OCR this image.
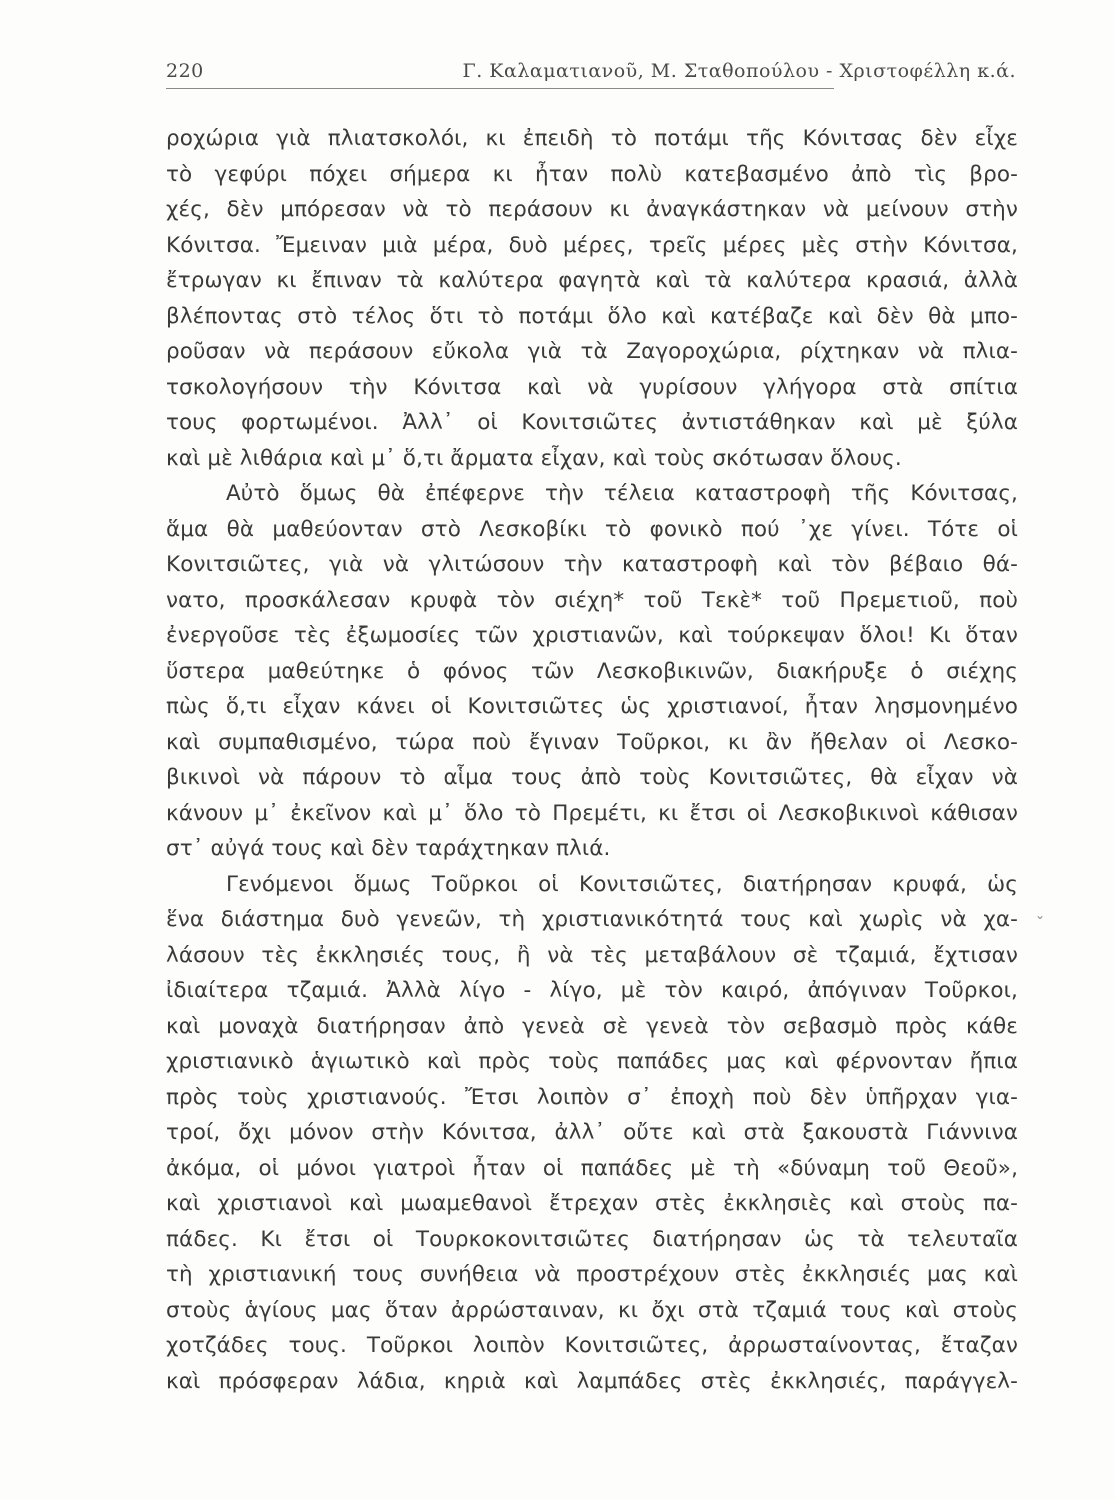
220	Γ. Καλαματιανοῦ, Μ. Σταθοπούλου - Χριστοφέλλη κ.ά.
ροχώρια γιὰ πλιατσκολόι, κι ἐπειδὴ τὸ ποτάμι τῆς Κόνιτσας δὲν εἶχε
τὸ γεφύρι πόχει σήμερα κι ἦταν πολὺ κατεβασμένο ἀπὸ τὶς βρο-
χές, δὲν μπόρεσαν νὰ τὸ περάσουν κι ἀναγκάστηκαν νὰ μείνουν στὴν
Κόνιτσα. Ἔμειναν μιὰ μέρα, δυὸ μέρες, τρεῖς μέρες μὲς στὴν Κόνιτσα,
ἔτρωγαν κι ἔπιναν τὰ καλύτερα φαγητὰ καὶ τὰ καλύτερα κρασιά, ἀλλὰ
βλέποντας στὸ τέλος ὅτι τὸ ποτάμι ὅλο καὶ κατέβαζε καὶ δὲν θὰ μπο-
ροῦσαν νὰ περάσουν εὔκολα γιὰ τὰ Ζαγοροχώρια, ρίχτηκαν νὰ πλια-
τσκολογήσουν τὴν Κόνιτσα καὶ νὰ γυρίσουν γλήγορα στὰ σπίτια
τους φορτωμένοι. Ἀλλ᾽ οἱ Κονιτσιῶτες ἀντιστάθηκαν καὶ μὲ ξύλα
καὶ μὲ λιθάρια καὶ μ᾽ ὅ,τι ἄρματα εἶχαν, καὶ τοὺς σκότωσαν ὅλους.
Αὐτὸ ὅμως θὰ ἐπέφερνε τὴν τέλεια καταστροφὴ τῆς Κόνιτσας,
ἅμα θὰ μαθεύονταν στὸ Λεσκοβίκι τὸ φονικὸ πού ᾽χε γίνει. Τότε οἱ
Κονιτσιῶτες, γιὰ νὰ γλιτώσουν τὴν καταστροφὴ καὶ τὸν βέβαιο θά-
νατο, προσκάλεσαν κρυφὰ τὸν σιέχη* τοῦ Τεκὲ* τοῦ Πρεμετιοῦ, ποὺ
ἐνεργοῦσε τὲς ἐξωμοσίες τῶν χριστιανῶν, καὶ τούρκεψαν ὅλοι! Κι ὅταν
ὕστερα μαθεύτηκε ὁ φόνος τῶν Λεσκοβικινῶν, διακήρυξε ὁ σιέχης
πὼς ὅ,τι εἶχαν κάνει οἱ Κονιτσιῶτες ὡς χριστιανοί, ἦταν λησμονημένο
καὶ συμπαθισμένο, τώρα ποὺ ἔγιναν Τοῦρκοι, κι ἂν ἤθελαν οἱ Λεσκο-
βικινοὶ νὰ πάρουν τὸ αἷμα τους ἀπὸ τοὺς Κονιτσιῶτες, θὰ εἶχαν νὰ
κάνουν μ᾽ ἐκεῖνον καὶ μ᾽ ὅλο τὸ Πρεμέτι, κι ἔτσι οἱ Λεσκοβικινοὶ κάθισαν
στ᾽ αὐγά τους καὶ δὲν ταράχτηκαν πλιά.
Γενόμενοι ὅμως Τοῦρκοι οἱ Κονιτσιῶτες, διατήρησαν κρυφά, ὡς
ἕνα διάστημα δυὸ γενεῶν, τὴ χριστιανικότητά τους καὶ χωρὶς νὰ χα-
λάσουν τὲς ἐκκλησιές τους, ἢ νὰ τὲς μεταβάλουν σὲ τζαμιά, ἔχτισαν
ἰδιαίτερα τζαμιά. Ἀλλὰ λίγο - λίγο, μὲ τὸν καιρό, ἀπόγιναν Τοῦρκοι,
καὶ μοναχὰ διατήρησαν ἀπὸ γενεὰ σὲ γενεὰ τὸν σεβασμὸ πρὸς κάθε
χριστιανικὸ ἁγιωτικὸ καὶ πρὸς τοὺς παπάδες μας καὶ φέρνονταν ἤπια
πρὸς τοὺς χριστιανούς. Ἔτσι λοιπὸν σ᾽ ἐποχὴ ποὺ δὲν ὑπῆρχαν για-
τροί, ὄχι μόνον στὴν Κόνιτσα, ἀλλ᾽ οὔτε καὶ στὰ ξακουστὰ Γιάννινα
ἀκόμα, οἱ μόνοι γιατροὶ ἦταν οἱ παπάδες μὲ τὴ «δύναμη τοῦ Θεοῦ»,
καὶ χριστιανοὶ καὶ μωαμεθανοὶ ἔτρεχαν στὲς ἐκκλησιὲς καὶ στοὺς πα-
πάδες. Κι ἔτσι οἱ Τουρκοκονιτσιῶτες διατήρησαν ὡς τὰ τελευταῖα
τὴ χριστιανική τους συνήθεια νὰ προστρέχουν στὲς ἐκκλησιές μας καὶ
στοὺς ἁγίους μας ὅταν ἀρρώσταιναν, κι ὄχι στὰ τζαμιά τους καὶ στοὺς
χοτζάδες τους. Τοῦρκοι λοιπὸν Κονιτσιῶτες, ἀρρωσταίνοντας, ἔταζαν
καὶ πρόσφεραν λάδια, κηριὰ καὶ λαμπάδες στὲς ἐκκλησιές, παράγγελ-
⌄
